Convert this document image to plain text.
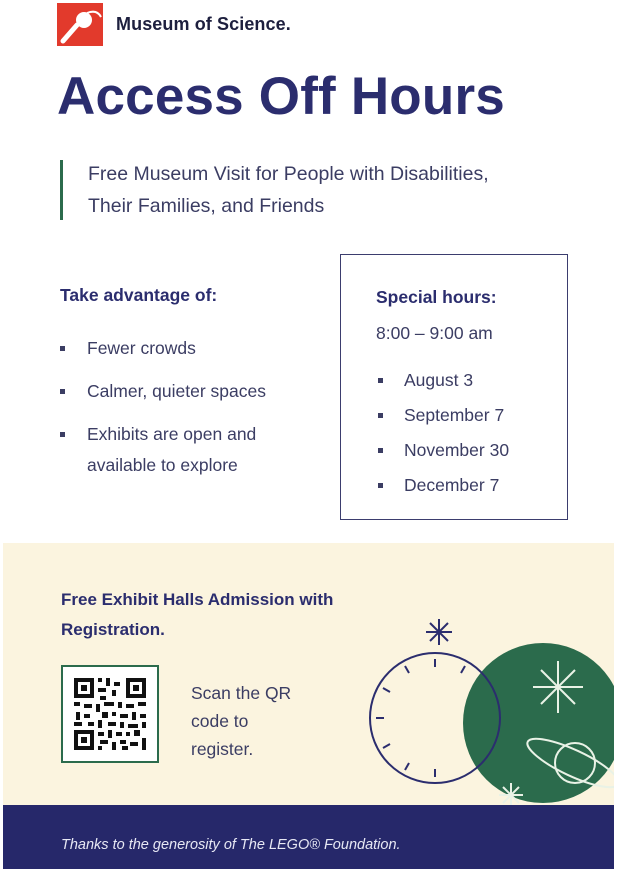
Museum of Science.
Access Off Hours
Free Museum Visit for People with Disabilities, Their Families, and Friends
Take advantage of:
Fewer crowds
Calmer, quieter spaces
Exhibits are open and available to explore
Special hours:
8:00 – 9:00 am
August 3
September 7
November 30
December 7
Free Exhibit Halls Admission with Registration.
Scan the QR code to register.
Thanks to the generosity of The LEGO® Foundation.
